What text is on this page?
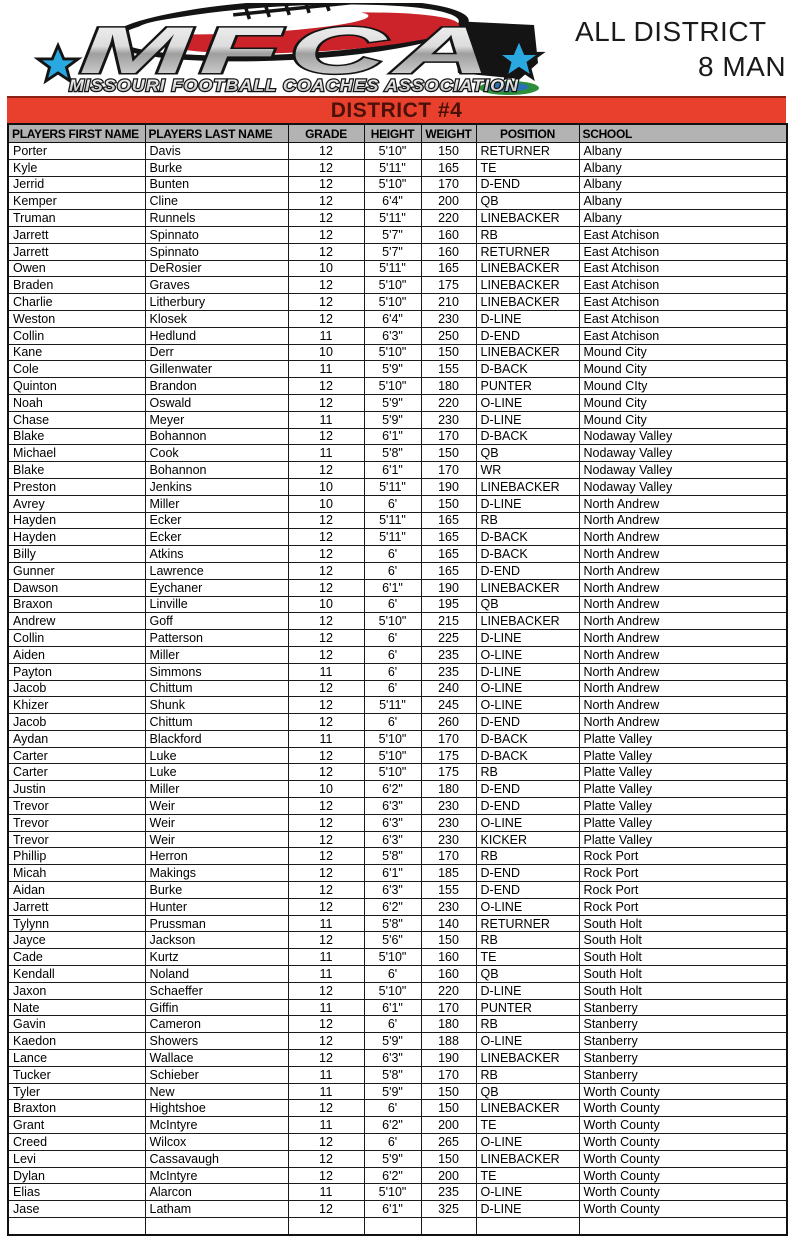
MFCA
MISSOURI FOOTBALL COACHES ASSOCIATION
ALL DISTRICT
8 MAN
DISTRICT #4
PLAYERS FIRST NAME	PLAYERS LAST NAME	GRADE	HEIGHT	WEIGHT	POSITION	SCHOOL
Porter	Davis	12	5'10"	150	RETURNER	Albany
Kyle	Burke	12	5'11"	165	TE	Albany
Jerrid	Bunten	12	5'10"	170	D-END	Albany
Kemper	Cline	12	6'4"	200	QB	Albany
Truman	Runnels	12	5'11"	220	LINEBACKER	Albany
Jarrett	Spinnato	12	5'7"	160	RB	East Atchison
Jarrett	Spinnato	12	5'7"	160	RETURNER	East Atchison
Owen	DeRosier	10	5'11"	165	LINEBACKER	East Atchison
Braden	Graves	12	5'10"	175	LINEBACKER	East Atchison
Charlie	Litherbury	12	5'10"	210	LINEBACKER	East Atchison
Weston	Klosek	12	6'4"	230	D-LINE	East Atchison
Collin	Hedlund	11	6'3"	250	D-END	East Atchison
Kane	Derr	10	5'10"	150	LINEBACKER	Mound City
Cole	Gillenwater	11	5'9"	155	D-BACK	Mound City
Quinton	Brandon	12	5'10"	180	PUNTER	Mound CIty
Noah	Oswald	12	5'9"	220	O-LINE	Mound City
Chase	Meyer	11	5'9"	230	D-LINE	Mound City
Blake	Bohannon	12	6'1"	170	D-BACK	Nodaway Valley
Michael	Cook	11	5'8"	150	QB	Nodaway Valley
Blake	Bohannon	12	6'1"	170	WR	Nodaway Valley
Preston	Jenkins	10	5'11"	190	LINEBACKER	Nodaway Valley
Avrey	Miller	10	6'	150	D-LINE	North Andrew
Hayden	Ecker	12	5'11"	165	RB	North Andrew
Hayden	Ecker	12	5'11"	165	D-BACK	North Andrew
Billy	Atkins	12	6'	165	D-BACK	North Andrew
Gunner	Lawrence	12	6'	165	D-END	North Andrew
Dawson	Eychaner	12	6'1"	190	LINEBACKER	North Andrew
Braxon	Linville	10	6'	195	QB	North Andrew
Andrew	Goff	12	5'10"	215	LINEBACKER	North Andrew
Collin	Patterson	12	6'	225	D-LINE	North Andrew
Aiden	Miller	12	6'	235	O-LINE	North Andrew
Payton	Simmons	11	6'	235	D-LINE	North Andrew
Jacob	Chittum	12	6'	240	O-LINE	North Andrew
Khizer	Shunk	12	5'11"	245	O-LINE	North Andrew
Jacob	Chittum	12	6'	260	D-END	North Andrew
Aydan	Blackford	11	5'10"	170	D-BACK	Platte Valley
Carter	Luke	12	5'10"	175	D-BACK	Platte Valley
Carter	Luke	12	5'10"	175	RB	Platte Valley
Justin	Miller	10	6'2"	180	D-END	Platte Valley
Trevor	Weir	12	6'3"	230	D-END	Platte Valley
Trevor	Weir	12	6'3"	230	O-LINE	Platte Valley
Trevor	Weir	12	6'3"	230	KICKER	Platte Valley
Phillip	Herron	12	5'8"	170	RB	Rock Port
Micah	Makings	12	6'1"	185	D-END	Rock Port
Aidan	Burke	12	6'3"	155	D-END	Rock Port
Jarrett	Hunter	12	6'2"	230	O-LINE	Rock Port
Tylynn	Prussman	11	5'8"	140	RETURNER	South Holt
Jayce	Jackson	12	5'6"	150	RB	South Holt
Cade	Kurtz	11	5'10"	160	TE	South Holt
Kendall	Noland	11	6'	160	QB	South Holt
Jaxon	Schaeffer	12	5'10"	220	D-LINE	South Holt
Nate	Giffin	11	6'1"	170	PUNTER	Stanberry
Gavin	Cameron	12	6'	180	RB	Stanberry
Kaedon	Showers	12	5'9"	188	O-LINE	Stanberry
Lance	Wallace	12	6'3"	190	LINEBACKER	Stanberry
Tucker	Schieber	11	5'8"	170	RB	Stanberry
Tyler	New	11	5'9"	150	QB	Worth County
Braxton	Hightshoe	12	6'	150	LINEBACKER	Worth County
Grant	McIntyre	11	6'2"	200	TE	Worth County
Creed	Wilcox	12	6'	265	O-LINE	Worth County
Levi	Cassavaugh	12	5'9"	150	LINEBACKER	Worth County
Dylan	McIntyre	12	6'2"	200	TE	Worth County
Elias	Alarcon	11	5'10"	235	O-LINE	Worth County
Jase	Latham	12	6'1"	325	D-LINE	Worth County
